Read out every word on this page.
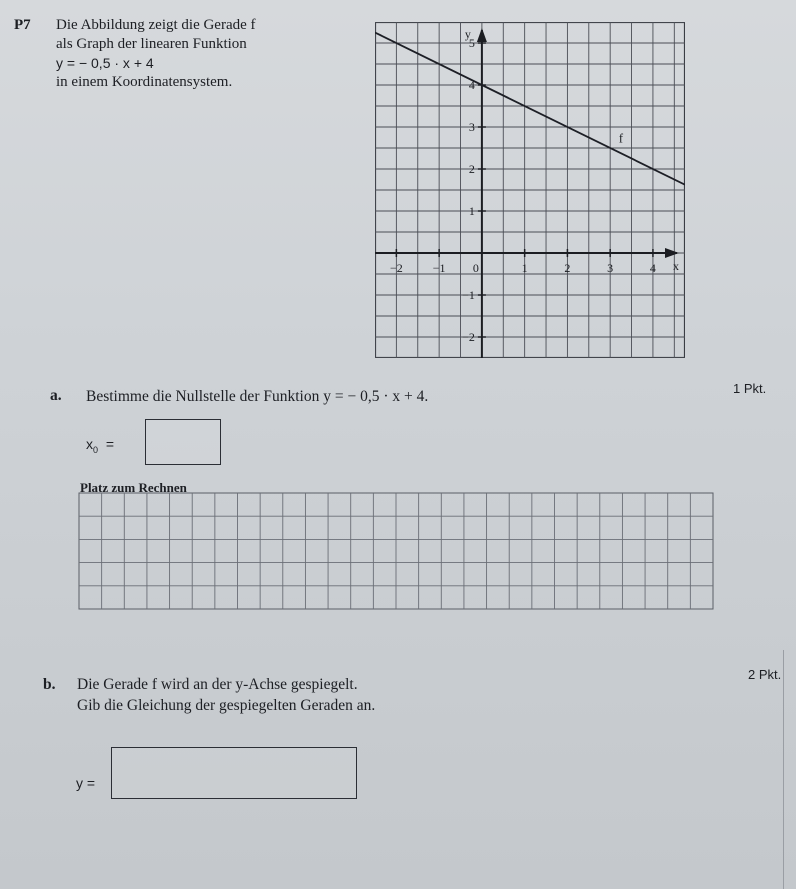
P7 Die Abbildung zeigt die Gerade f
als Graph der linearen Funktion
y = − 0,5 · x + 4
in einem Koordinatensystem.
−2 −1 0	1	2	3	4
5
4
3
2
1
−1
−2
x
y
f
a. Bestimme die Nullstelle der Funktion y = − 0,5 · x + 4.	1 Pkt.
$x_0$ =
Platz zum Rechnen
b. Die Gerade f wird an der y-Achse gespiegelt.
Gib die Gleichung der gespiegelten Geraden an.
2 Pkt.
y =
